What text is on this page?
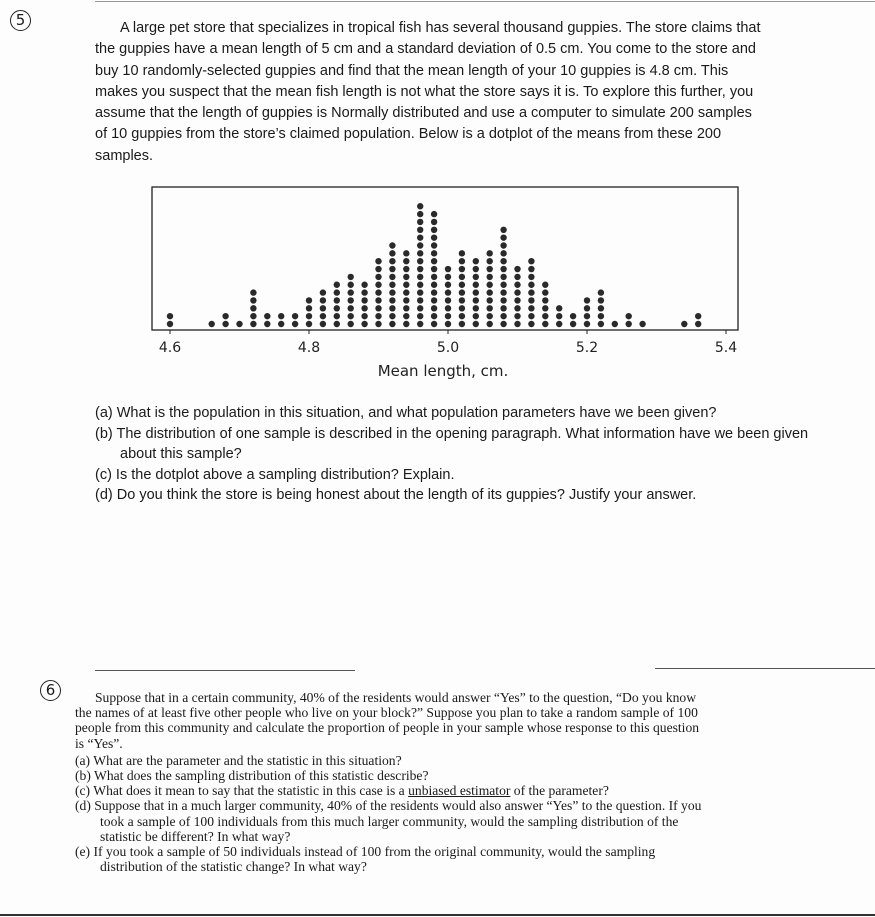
5	A large pet store that specializes in tropical fish has several thousand guppies. The store claims that
the guppies have a mean length of 5 cm and a standard deviation of 0.5 cm. You come to the store and
buy 10 randomly-selected guppies and find that the mean length of your 10 guppies is 4.8 cm. This
makes you suspect that the mean fish length is not what the store says it is. To explore this further, you
assume that the length of guppies is Normally distributed and use a computer to simulate 200 samples
of 10 guppies from the store’s claimed population. Below is a dotplot of the means from these 200
samples.
4.6	4.8	5.0	5.2	5.4
Mean length, cm.
(a) What is the population in this situation, and what population parameters have we been given?
(b) The distribution of one sample is described in the opening paragraph. What information have we been given about this sample?
(c) Is the dotplot above a sampling distribution? Explain.
(d) Do you think the store is being honest about the length of its guppies? Justify your answer.
6	Suppose that in a certain community, 40% of the residents would answer “Yes” to the question, “Do you know
the names of at least five other people who live on your block?” Suppose you plan to take a random sample of 100
people from this community and calculate the proportion of people in your sample whose response to this question
is “Yes”.
(a) What are the parameter and the statistic in this situation?
(b) What does the sampling distribution of this statistic describe?
(c) What does it mean to say that the statistic in this case is a unbiased estimator of the parameter?
(d) Suppose that in a much larger community, 40% of the residents would also answer “Yes” to the question. If you
took a sample of 100 individuals from this much larger community, would the sampling distribution of the
statistic be different? In what way?
(e) If you took a sample of 50 individuals instead of 100 from the original community, would the sampling
distribution of the statistic change? In what way?
